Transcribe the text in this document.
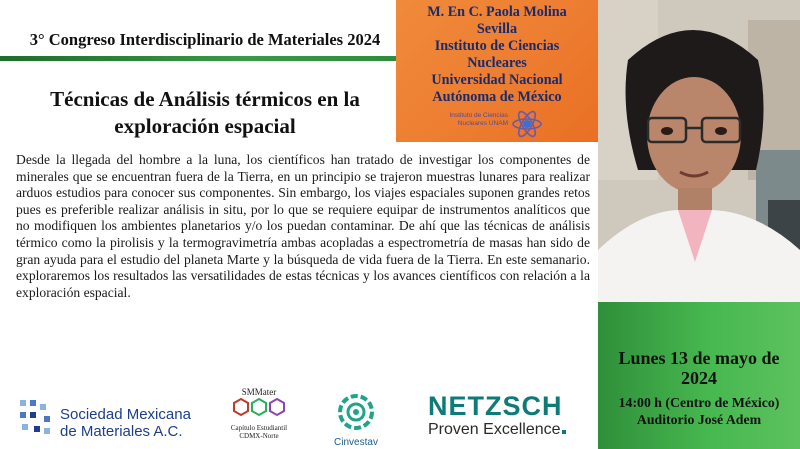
3° Congreso Interdisciplinario de Materiales 2024
Técnicas de Análisis térmicos en la
exploración espacial
Desde la llegada del hombre a la luna, los científicos han tratado de investigar los componentes de minerales que se encuentran fuera de la Tierra, en un principio se trajeron muestras lunares para realizar arduos estudios para conocer sus componentes. Sin embargo, los viajes espaciales suponen grandes retos pues es preferible realizar análisis in situ, por lo que se requiere equipar de instrumentos analíticos que no modifiquen los ambientes planetarios y/o los puedan contaminar. De ahí que las técnicas de análisis térmico como la pirolisis y la termogravimetría ambas acopladas a espectrometría de masas han sido de gran ayuda para el estudio del planeta Marte y la búsqueda de vida fuera de la Tierra. En este semanario. exploraremos los resultados las versatilidades de estas técnicas y los avances científicos con relación a la exploración espacial.
M. En C. Paola Molina
Sevilla
Instituto de Ciencias
Nucleares
Universidad Nacional
Autónoma de México
Instituto de Ciencias Nucleares UNAM
Lunes 13 de mayo de
2024
14:00 h (Centro de México)
Auditorio José Adem
Sociedad Mexicana
de Materiales A.C.
SMMater
Capítulo Estudiantil
CDMX-Norte
Cinvestav
NETZSCH
Proven Excellence
